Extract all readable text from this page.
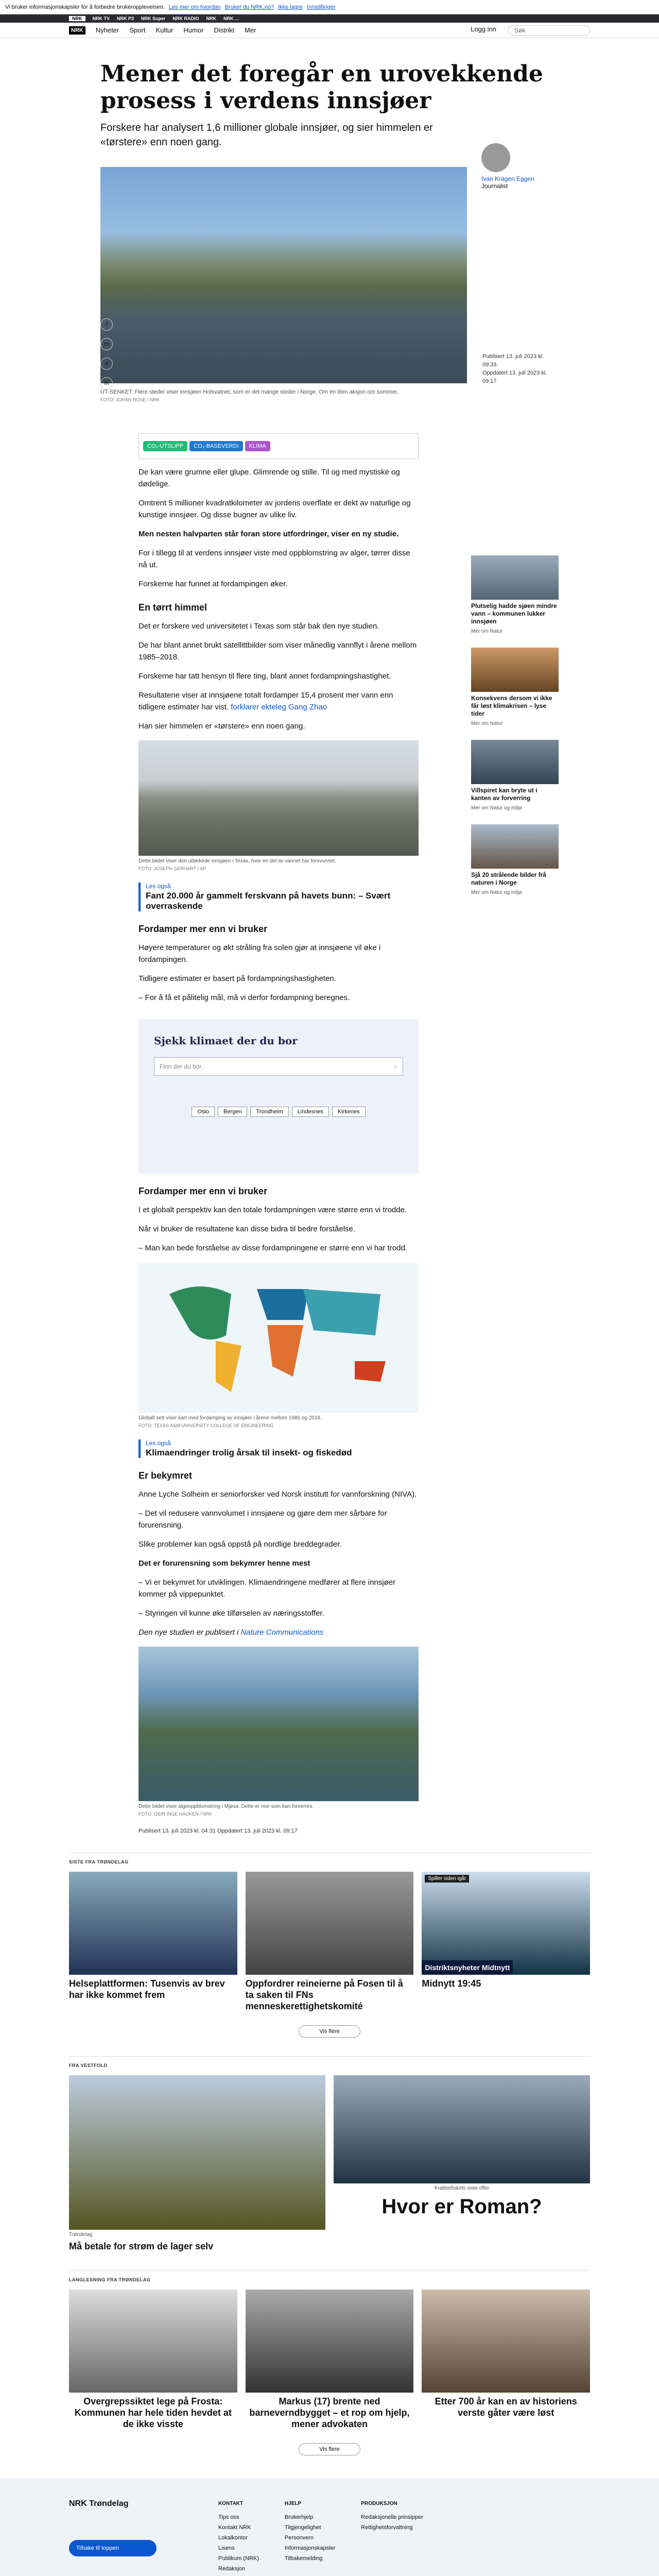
Vi bruker informasjonskapsler for å forbedre brukeropplevelsen. Les mer om hvordan Bruker du NRK.no? Ikke lagre Innstillinger
NRK	NRK TV NRK P3 NRK Super NRK RADIO NRK NRK ...
NRK	Nyheter Sport Kultur Humor Distrikt Mer	Logg inn	Søk
Mener det foregår en urovekkende prosess i verdens innsjøer
Forskere har analysert 1,6 millioner globale innsjøer, og sier himmelen er «tørstere» enn noen gang.
Ivan Kragen Eggen
Journalist
Publisert 13. juli 2023 kl. 09:33
Oppdatert 13. juli 2023 kl. 09:17
UT-SENKET: Flere steder viser innsjøen Holsvatnet, som er det mange steder i Norge. Om en liten aksjon om sommer.
FOTO: JOHAN ROSE / NRK
f
m
x
in
Plutselig hadde sjøen mindre vann – kommunen lukker innsjøen
Mer om Natur
Konsekvens dersom vi ikke får løst klimakrisen – lyse tider
Mer om Natur
Villspiret kan bryte ut i kanten av forverring
Mer om Natur og miljø
Sjå 20 strålende bilder frå naturen i Norge
Mer om Natur og miljø
CO₂-UTSLIPP	CO₂-BASEVERDI	KLIMA

De kan være grumne eller glupe. Glimrende og stille. Til og med mystiske og dødelige.

Omtrent 5 millioner kvadratkilometer av jordens overflate er dekt av naturlige og kunstige innsjøer. Og disse bugner av ulike liv.

Men nesten halvparten står foran store utfordringer, viser en ny studie.

For i tillegg til at verdens innsjøer viste med oppblomstring av alger, tørrer disse nå ut.

Forskerne har funnet at fordampingen øker.

En tørrt himmel

Det er forskere ved universitetet i Texas som står bak den nye studien.

De har blant annet brukt satellittbilder som viser månedlig vannflyt i årene mellom 1985–2018.

Forskerne har tatt hensyn til flere ting, blant annet fordampningshastighet.

Resultatene viser at innsjøene totalt fordamper 15,4 prosent mer vann enn tidligere estimater har vist. forklarer ekteleg Gang Zhao

Han sier himmelen er «tørstere» enn noen gang.

Dette bildet viser den uttørkede innsjøen i Texas, hvor en del av vannet har forsvunnet.
FOTO: JOSEPH GERHART / AP
Les også
Fant 20.000 år gammelt ferskvann på havets bunn: – Svært overraskende
Fordamper mer enn vi bruker

Høyere temperaturer og økt stråling fra solen gjør at innsjøene vil øke i fordampingen.

Tidligere estimater er basert på fordampningshastigheten.

– For å få et pålitelig mål, må vi derfor fordampning beregnes.

Sjekk klimaet der du bor
Finn der du bor	⌕
Oslo	Bergen	Trondheim	Lindesnes	Kirkenes
Fordamper mer enn vi bruker

I et globalt perspektiv kan den totale fordampningen være større enn vi trodde.

Når vi bruker de resultatene kan disse bidra til bedre forståelse.

– Man kan bede forståelse av disse fordampningene er større enn vi har trodd.

Globalt sett viser kart med fordamping av innsjøer i årene mellom 1985 og 2018.
FOTO: TEXAS A&M UNIVERSITY COLLEGE OF ENGINEERING
Les også
Klimaendringer trolig årsak til insekt- og fiskedød
Er bekymret

Anne Lyche Solheim er seniorforsker ved Norsk institutt for vannforskning (NIVA).

– Det vil redusere vannvolumet i innsjøene og gjøre dem mer sårbare for forurensning.

Slike problemer kan også oppstå på nordlige breddegrader.

Det er forurensning som bekymrer henne mest

– Vi er bekymret for utviklingen. Klimaendringene medfører at flere innsjøer kommer på vippepunktet.

– Styringen vil kunne øke tilførselen av næringsstoffer.

Den nye studien er publisert i Nature Communications

Dette bildet viser algeoppblomstring i Mjøsa. Dette er noe som kan forverres.
FOTO: GEIR INGE HAUKEN / NRK
Publisert 13. juli 2023 kl. 04:31 Oppdatert 13. juli 2023 kl. 09:17
SISTE FRA TRØNDELAG
Helseplattformen: Tusenvis av brev har ikke kommet frem
Oppfordrer reineierne på Fosen til å ta saken til FNs menneskerettighetskomité
Spiller siden igår
Distriktsnyheter Midtnytt
Midnytt 19:45
Vis flere
FRA VESTFOLD
Trøndelag
Må betale for strøm de lager selv
Krabbefiskets siste offer
Hvor er Roman?
LANGLESNING FRA TRØNDELAG
Overgrepssiktet lege på Frosta: Kommunen har hele tiden hevdet at de ikke visste
Markus (17) brente ned barneverndbygget – et rop om hjelp, mener advokaten
Etter 700 år kan en av historiens verste gåter være løst
Vis flere
NRK Trøndelag
Tilbake til toppen
KONTAKT
Tips oss
Kontakt NRK
Lokalkontor
Lisens
Publikum (NRK)
Redaksjon
HJELP
Brukerhjelp
Tilgjengelighet
Personvern
Informasjonskapsler
Tilbakemelding
PRODUKSJON
Redaksjonelle prinsipper
Rettighetsforvaltning
